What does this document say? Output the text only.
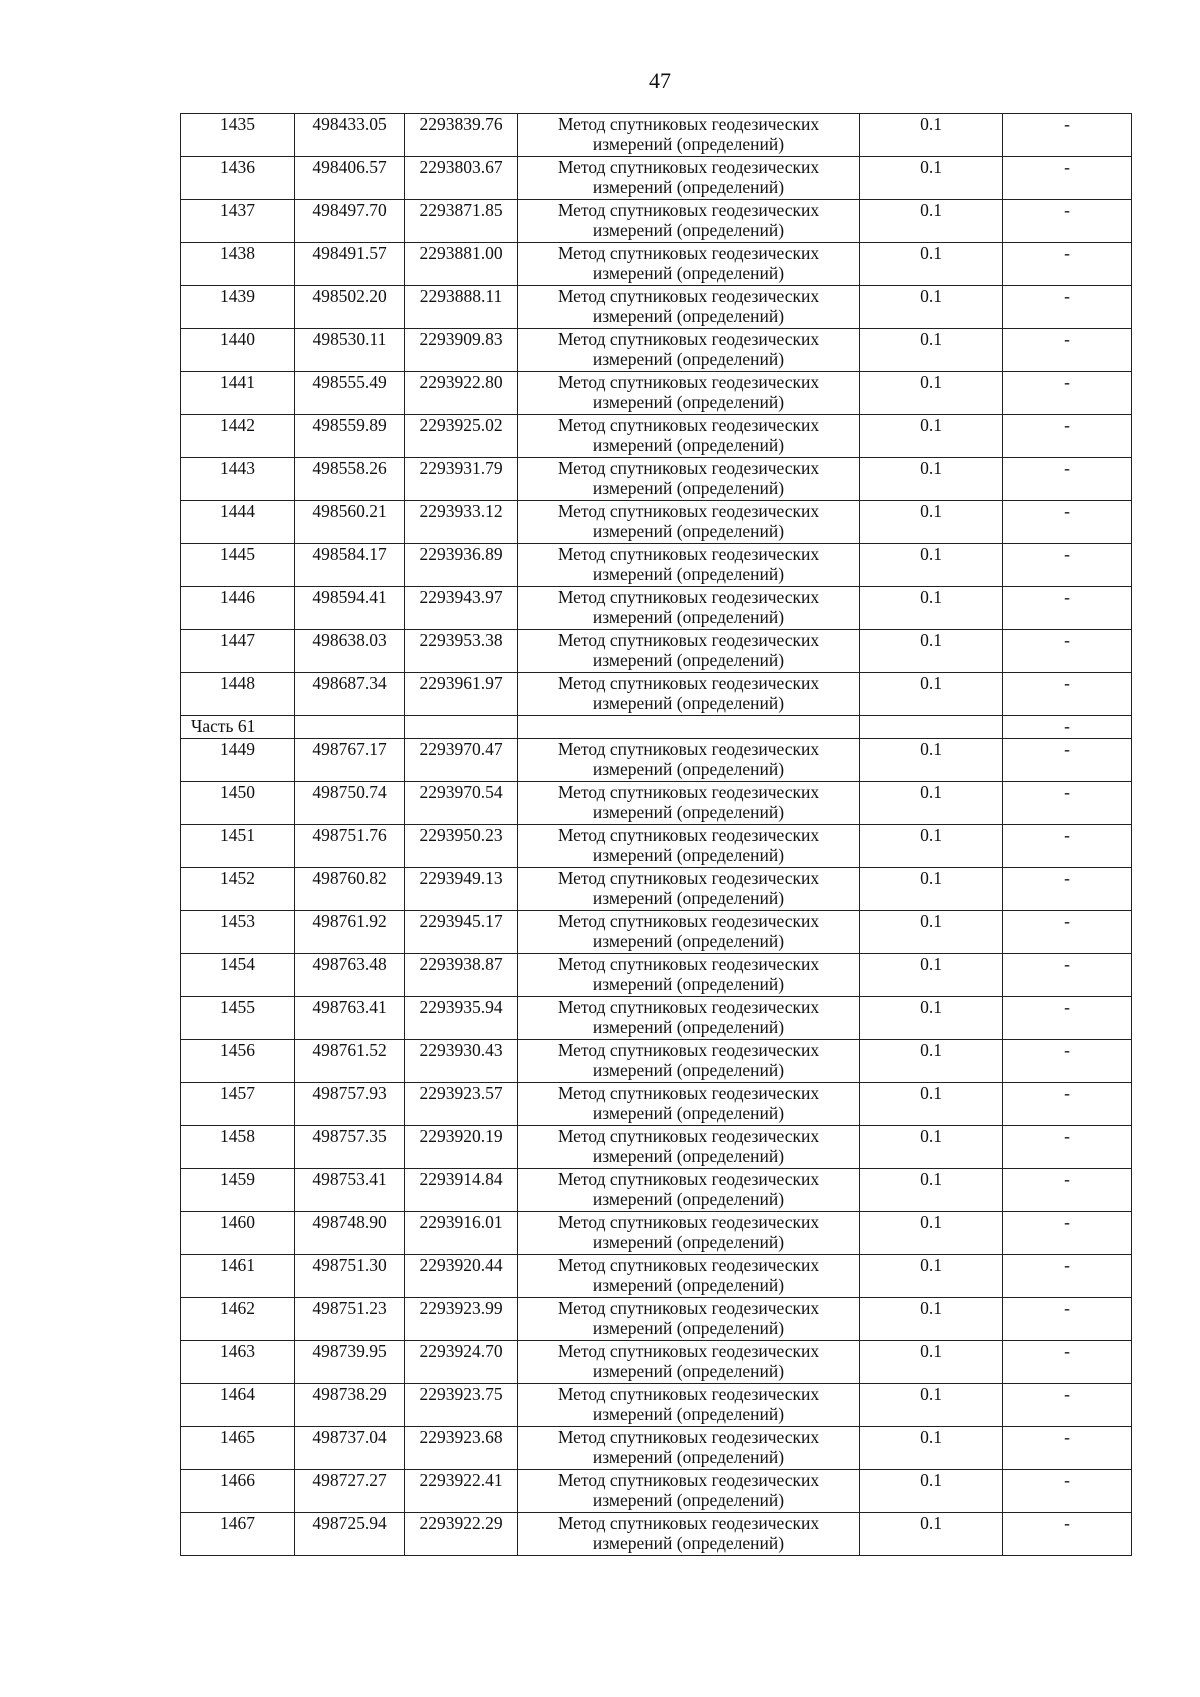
47
1435	498433.05	2293839.76	Метод спутниковых геодезических измерений (определений)	0.1	-
1436	498406.57	2293803.67	Метод спутниковых геодезических измерений (определений)	0.1	-
1437	498497.70	2293871.85	Метод спутниковых геодезических измерений (определений)	0.1	-
1438	498491.57	2293881.00	Метод спутниковых геодезических измерений (определений)	0.1	-
1439	498502.20	2293888.11	Метод спутниковых геодезических измерений (определений)	0.1	-
1440	498530.11	2293909.83	Метод спутниковых геодезических измерений (определений)	0.1	-
1441	498555.49	2293922.80	Метод спутниковых геодезических измерений (определений)	0.1	-
1442	498559.89	2293925.02	Метод спутниковых геодезических измерений (определений)	0.1	-
1443	498558.26	2293931.79	Метод спутниковых геодезических измерений (определений)	0.1	-
1444	498560.21	2293933.12	Метод спутниковых геодезических измерений (определений)	0.1	-
1445	498584.17	2293936.89	Метод спутниковых геодезических измерений (определений)	0.1	-
1446	498594.41	2293943.97	Метод спутниковых геодезических измерений (определений)	0.1	-
1447	498638.03	2293953.38	Метод спутниковых геодезических измерений (определений)	0.1	-
1448	498687.34	2293961.97	Метод спутниковых геодезических измерений (определений)	0.1	-
Часть 61					-
1449	498767.17	2293970.47	Метод спутниковых геодезических измерений (определений)	0.1	-
1450	498750.74	2293970.54	Метод спутниковых геодезических измерений (определений)	0.1	-
1451	498751.76	2293950.23	Метод спутниковых геодезических измерений (определений)	0.1	-
1452	498760.82	2293949.13	Метод спутниковых геодезических измерений (определений)	0.1	-
1453	498761.92	2293945.17	Метод спутниковых геодезических измерений (определений)	0.1	-
1454	498763.48	2293938.87	Метод спутниковых геодезических измерений (определений)	0.1	-
1455	498763.41	2293935.94	Метод спутниковых геодезических измерений (определений)	0.1	-
1456	498761.52	2293930.43	Метод спутниковых геодезических измерений (определений)	0.1	-
1457	498757.93	2293923.57	Метод спутниковых геодезических измерений (определений)	0.1	-
1458	498757.35	2293920.19	Метод спутниковых геодезических измерений (определений)	0.1	-
1459	498753.41	2293914.84	Метод спутниковых геодезических измерений (определений)	0.1	-
1460	498748.90	2293916.01	Метод спутниковых геодезических измерений (определений)	0.1	-
1461	498751.30	2293920.44	Метод спутниковых геодезических измерений (определений)	0.1	-
1462	498751.23	2293923.99	Метод спутниковых геодезических измерений (определений)	0.1	-
1463	498739.95	2293924.70	Метод спутниковых геодезических измерений (определений)	0.1	-
1464	498738.29	2293923.75	Метод спутниковых геодезических измерений (определений)	0.1	-
1465	498737.04	2293923.68	Метод спутниковых геодезических измерений (определений)	0.1	-
1466	498727.27	2293922.41	Метод спутниковых геодезических измерений (определений)	0.1	-
1467	498725.94	2293922.29	Метод спутниковых геодезических измерений (определений)	0.1	-
